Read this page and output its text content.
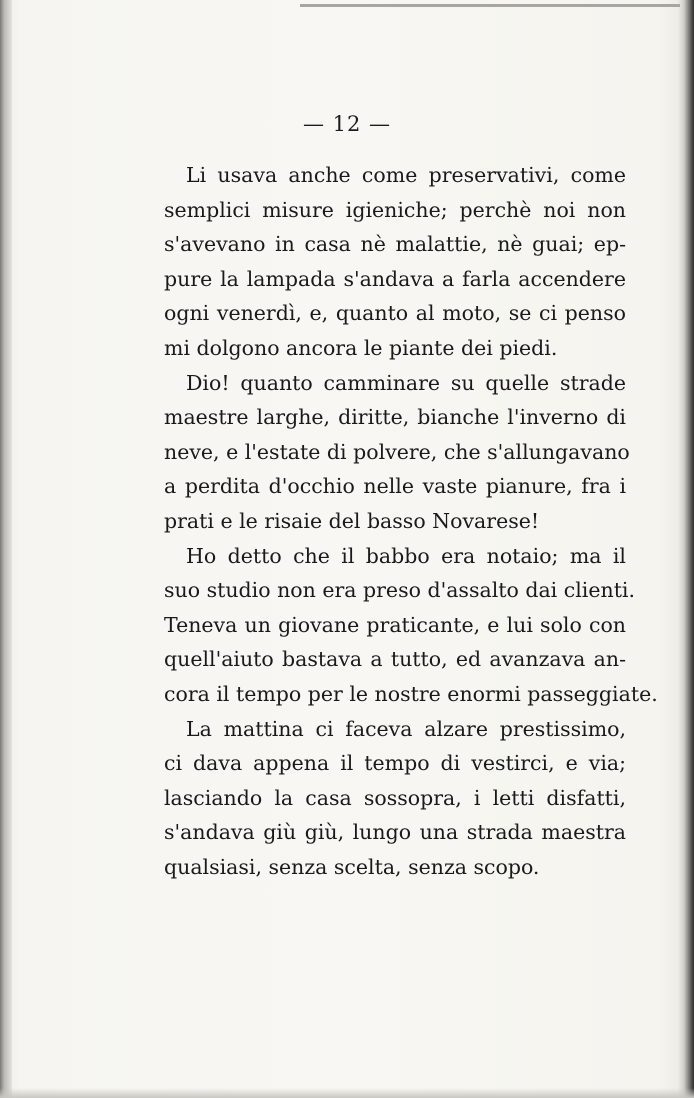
— 12 —
Li usava anche come preservativi, come
semplici misure igieniche; perchè noi non
s'avevano in casa nè malattie, nè guai; ep-
pure la lampada s'andava a farla accendere
ogni venerdì, e, quanto al moto, se ci penso
mi dolgono ancora le piante dei piedi.
Dio! quanto camminare su quelle strade
maestre larghe, diritte, bianche l'inverno di
neve, e l'estate di polvere, che s'allungavano
a perdita d'occhio nelle vaste pianure, fra i
prati e le risaie del basso Novarese!
Ho detto che il babbo era notaio; ma il
suo studio non era preso d'assalto dai clienti.
Teneva un giovane praticante, e lui solo con
quell'aiuto bastava a tutto, ed avanzava an-
cora il tempo per le nostre enormi passeggiate.
La mattina ci faceva alzare prestissimo,
ci dava appena il tempo di vestirci, e via;
lasciando la casa sossopra, i letti disfatti,
s'andava giù giù, lungo una strada maestra
qualsiasi, senza scelta, senza scopo.
